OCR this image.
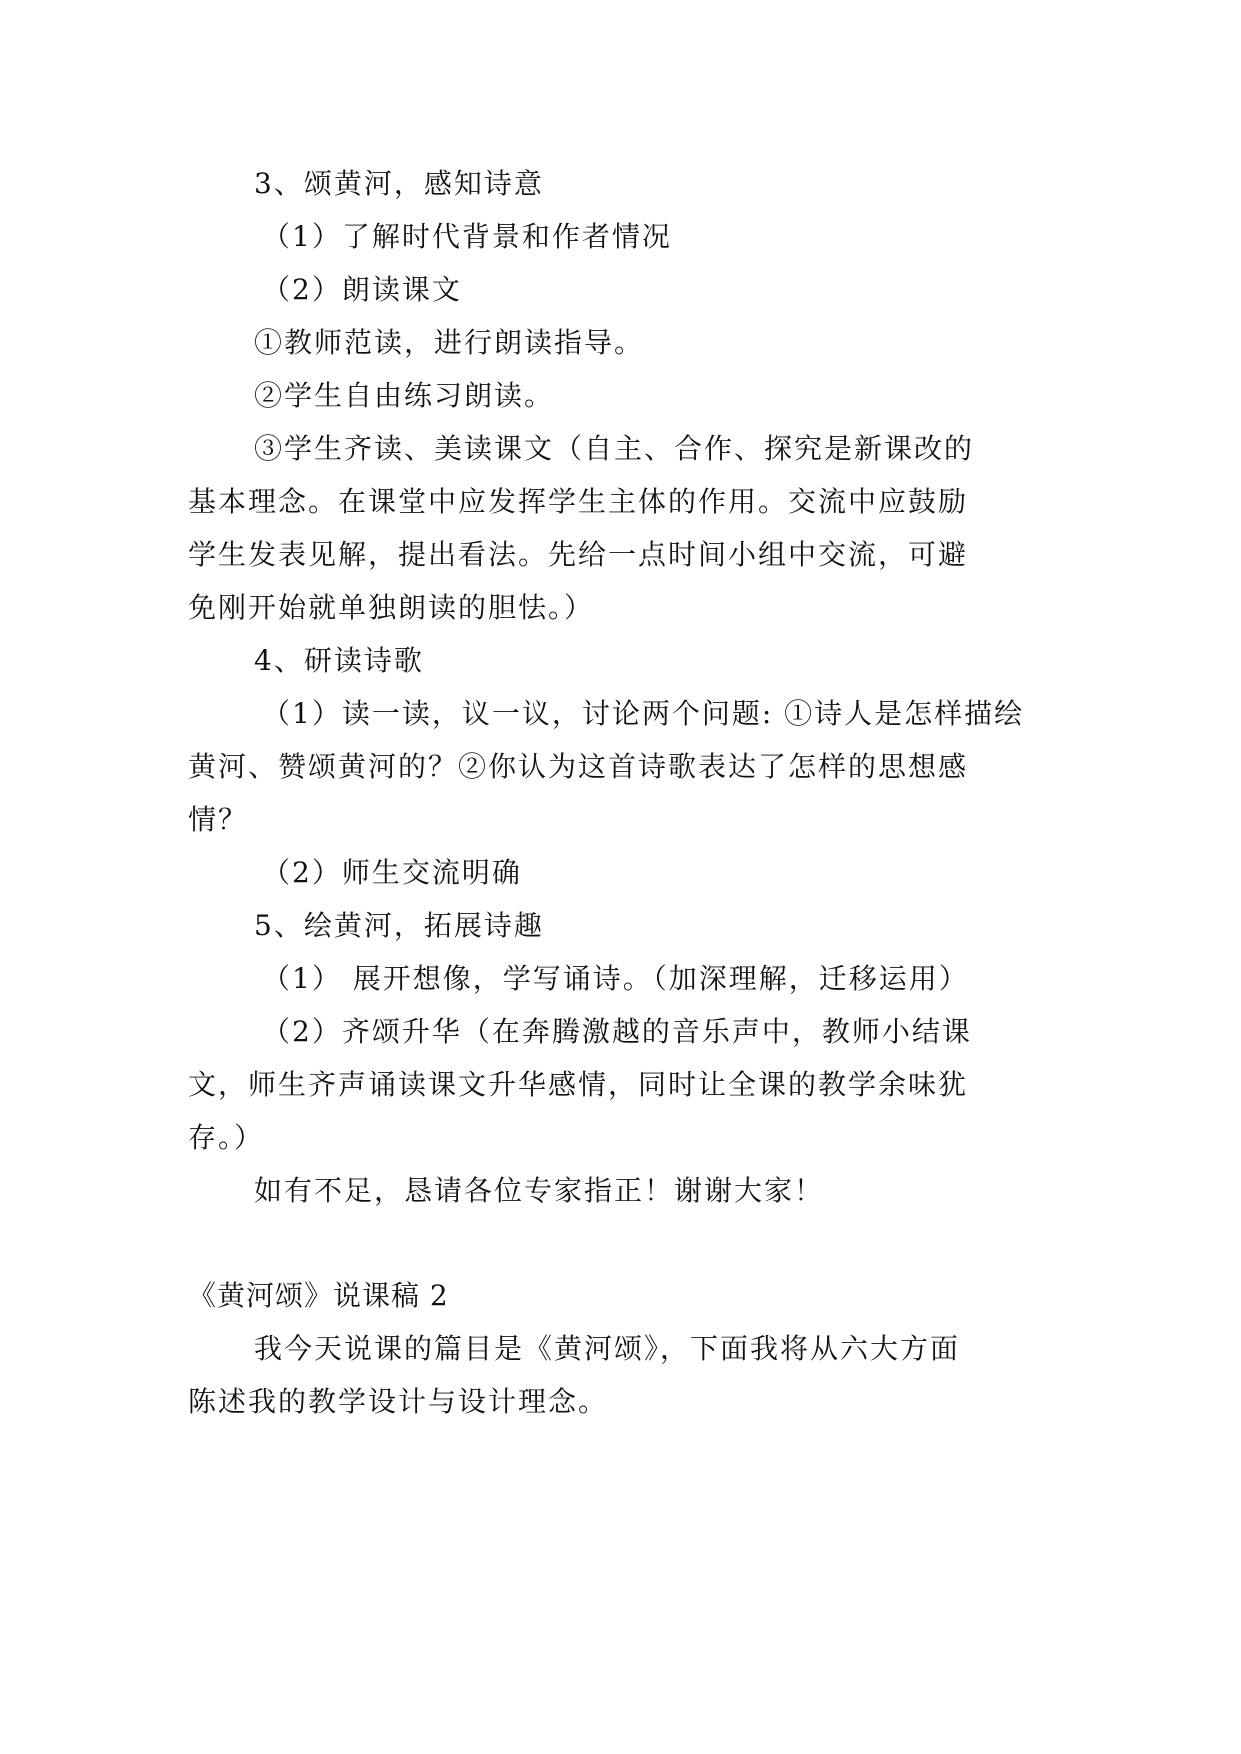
3、颂黄河，感知诗意
（1）了解时代背景和作者情况
（2）朗读课文
①教师范读，进行朗读指导。
②学生自由练习朗读。
③学生齐读、美读课文（自主、合作、探究是新课改的
基本理念。在课堂中应发挥学生主体的作用。交流中应鼓励
学生发表见解，提出看法。先给一点时间小组中交流，可避
免刚开始就单独朗读的胆怯。）
4、研读诗歌
（1）读一读，议一议，讨论两个问题: ①诗人是怎样描绘
黄河、赞颂黄河的？②你认为这首诗歌表达了怎样的思想感
情？
（2）师生交流明确
5、绘黄河，拓展诗趣
（1） 展开想像，学写诵诗。（加深理解，迁移运用）
（2）齐颂升华（在奔腾激越的音乐声中，教师小结课
文，师生齐声诵读课文升华感情，同时让全课的教学余味犹
存。）
如有不足，恳请各位专家指正！谢谢大家！
《黄河颂》说课稿 2
我今天说课的篇目是《黄河颂》，下面我将从六大方面
陈述我的教学设计与设计理念。
